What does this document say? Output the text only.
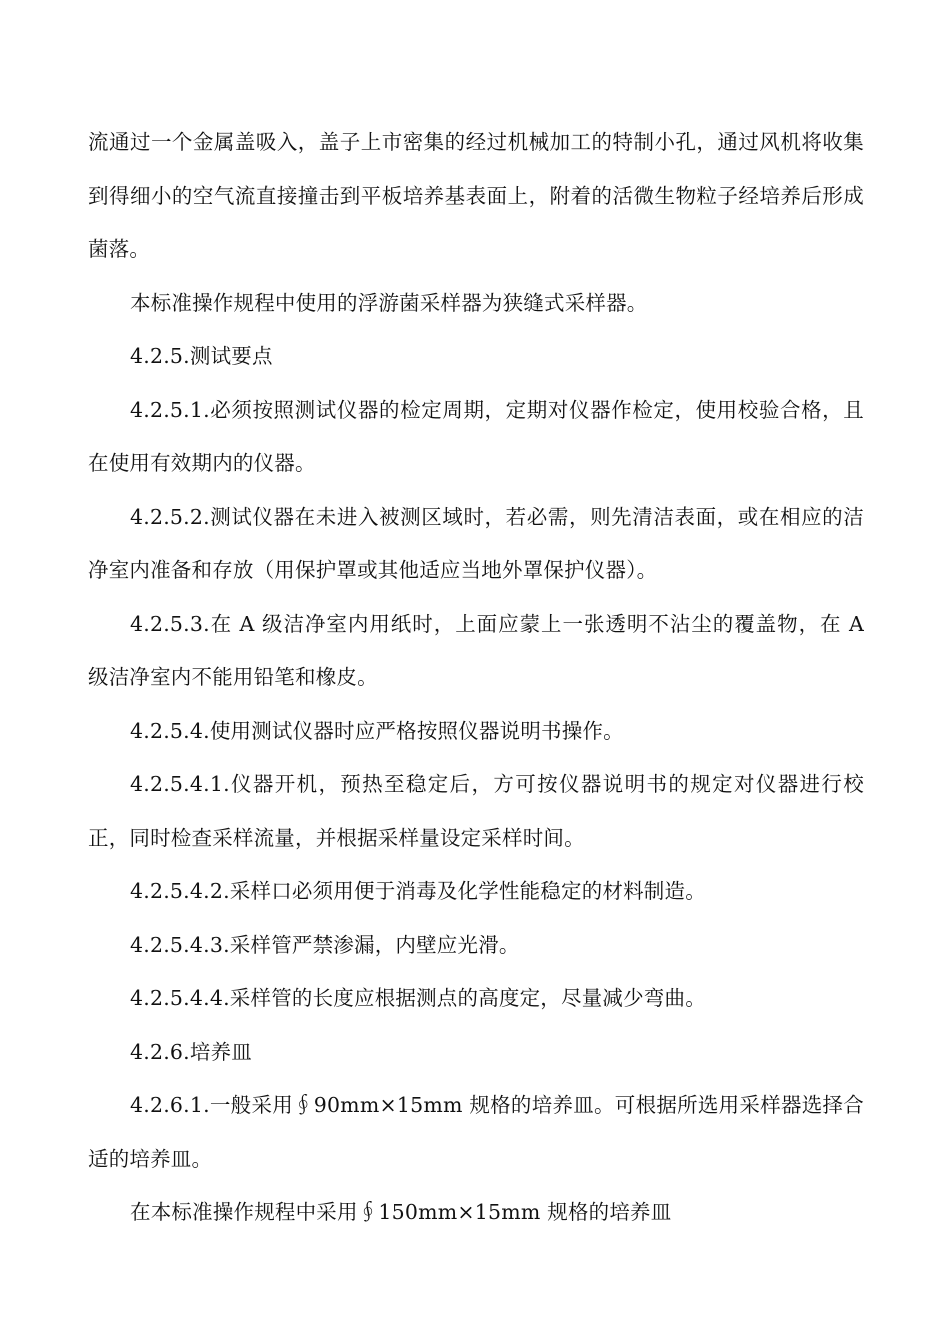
流通过一个金属盖吸入，盖子上市密集的经过机械加工的特制小孔，通过风机将收集到得细小的空气流直接撞击到平板培养基表面上，附着的活微生物粒子经培养后形成菌落。

本标准操作规程中使用的浮游菌采样器为狭缝式采样器。

4.2.5.测试要点

4.2.5.1.必须按照测试仪器的检定周期，定期对仪器作检定，使用校验合格，且在使用有效期内的仪器。

4.2.5.2.测试仪器在未进入被测区域时，若必需，则先清洁表面，或在相应的洁净室内准备和存放（用保护罩或其他适应当地外罩保护仪器）。

4.2.5.3.在 A 级洁净室内用纸时，上面应蒙上一张透明不沾尘的覆盖物，在 A 级洁净室内不能用铅笔和橡皮。

4.2.5.4.使用测试仪器时应严格按照仪器说明书操作。

4.2.5.4.1.仪器开机，预热至稳定后，方可按仪器说明书的规定对仪器进行校正，同时检查采样流量，并根据采样量设定采样时间。

4.2.5.4.2.采样口必须用便于消毒及化学性能稳定的材料制造。

4.2.5.4.3.采样管严禁渗漏，内壁应光滑。

4.2.5.4.4.采样管的长度应根据测点的高度定，尽量减少弯曲。

4.2.6.培养皿

4.2.6.1.一般采用∮90mm×15mm 规格的培养皿。可根据所选用采样器选择合适的培养皿。

在本标准操作规程中采用∮150mm×15mm 规格的培养皿
